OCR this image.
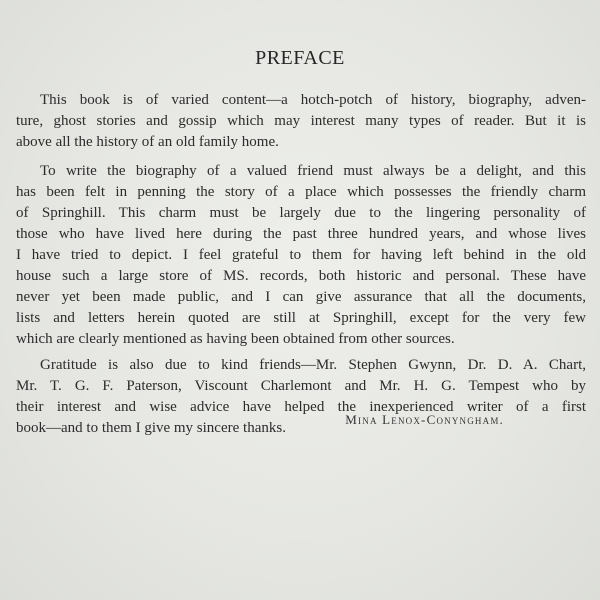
PREFACE
This book is of varied content—a hotch-potch of history, biography, adven-
ture, ghost stories and gossip which may interest many types of reader. But it is
above all the history of an old family home.
To write the biography of a valued friend must always be a delight, and this
has been felt in penning the story of a place which possesses the friendly charm
of Springhill. This charm must be largely due to the lingering personality of
those who have lived here during the past three hundred years, and whose lives
I have tried to depict. I feel grateful to them for having left behind in the old
house such a large store of MS. records, both historic and personal. These have
never yet been made public, and I can give assurance that all the documents,
lists and letters herein quoted are still at Springhill, except for the very few
which are clearly mentioned as having been obtained from other sources.
Gratitude is also due to kind friends—Mr. Stephen Gwynn, Dr. D. A. Chart,
Mr. T. G. F. Paterson, Viscount Charlemont and Mr. H. G. Tempest who by
their interest and wise advice have helped the inexperienced writer of a first
book—and to them I give my sincere thanks.
Mina Lenox-Conyngham.
